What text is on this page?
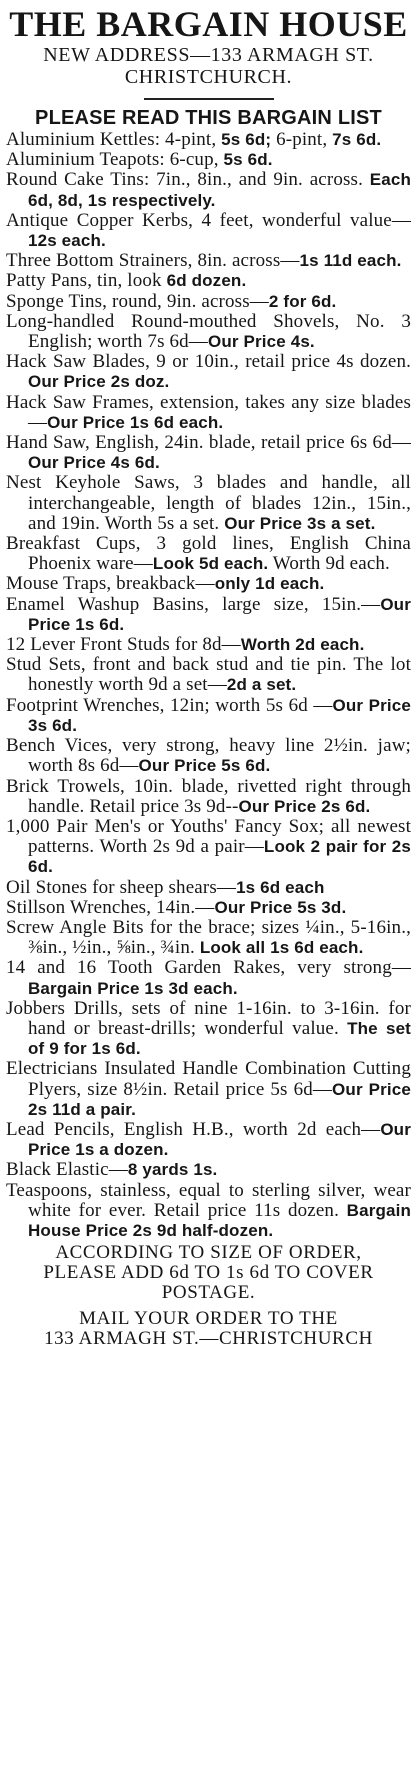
THE BARGAIN HOUSE
NEW ADDRESS—133 ARMAGH ST.
CHRISTCHURCH.
PLEASE READ THIS BARGAIN LIST

Aluminium Kettles: 4-pint, 5s 6d; 6-pint, 7s 6d.

Aluminium Teapots: 6-cup, 5s 6d.

Round Cake Tins: 7in., 8in., and 9in. across. Each 6d, 8d, 1s respectively.

Antique Copper Kerbs, 4 feet, wonderful value—12s each.

Three Bottom Strainers, 8in. across—1s 11d each.

Patty Pans, tin, look 6d dozen.

Sponge Tins, round, 9in. across—2 for 6d.

Long-handled Round-mouthed Shovels, No. 3 English; worth 7s 6d—Our Price 4s.

Hack Saw Blades, 9 or 10in., retail price 4s dozen. Our Price 2s doz.

Hack Saw Frames, extension, takes any size blades—Our Price 1s 6d each.

Hand Saw, English, 24in. blade, retail price 6s 6d—Our Price 4s 6d.

Nest Keyhole Saws, 3 blades and handle, all interchangeable, length of blades 12in., 15in., and 19in. Worth 5s a set. Our Price 3s a set.

Breakfast Cups, 3 gold lines, English China Phoenix ware—Look 5d each. Worth 9d each.

Mouse Traps, breakback—only 1d each.

Enamel Washup Basins, large size, 15in.—Our Price 1s 6d.

12 Lever Front Studs for 8d—Worth 2d each.

Stud Sets, front and back stud and tie pin. The lot honestly worth 9d a set—2d a set.

Footprint Wrenches, 12in; worth 5s 6d —Our Price 3s 6d.

Bench Vices, very strong, heavy line 2½in. jaw; worth 8s 6d—Our Price 5s 6d.

Brick Trowels, 10in. blade, rivetted right through handle. Retail price 3s 9d--Our Price 2s 6d.

1,000 Pair Men's or Youths' Fancy Sox; all newest patterns. Worth 2s 9d a pair—Look 2 pair for 2s 6d.

Oil Stones for sheep shears—1s 6d each

Stillson Wrenches, 14in.—Our Price 5s 3d.

Screw Angle Bits for the brace; sizes ¼in., 5-16in., ⅜in., ½in., ⅝in., ¾in. Look all 1s 6d each.

14 and 16 Tooth Garden Rakes, very strong—Bargain Price 1s 3d each.

Jobbers Drills, sets of nine 1-16in. to 3-16in. for hand or breast-drills; wonderful value. The set of 9 for 1s 6d.

Electricians Insulated Handle Combination Cutting Plyers, size 8½in. Retail price 5s 6d—Our Price 2s 11d a pair.

Lead Pencils, English H.B., worth 2d each—Our Price 1s a dozen.

Black Elastic—8 yards 1s.

Teaspoons, stainless, equal to sterling silver, wear white for ever. Retail price 11s dozen. Bargain House Price 2s 9d half-dozen.

ACCORDING TO SIZE OF ORDER,
PLEASE ADD 6d TO 1s 6d TO COVER
POSTAGE.
MAIL YOUR ORDER TO THE
133 ARMAGH ST.—CHRISTCHURCH
